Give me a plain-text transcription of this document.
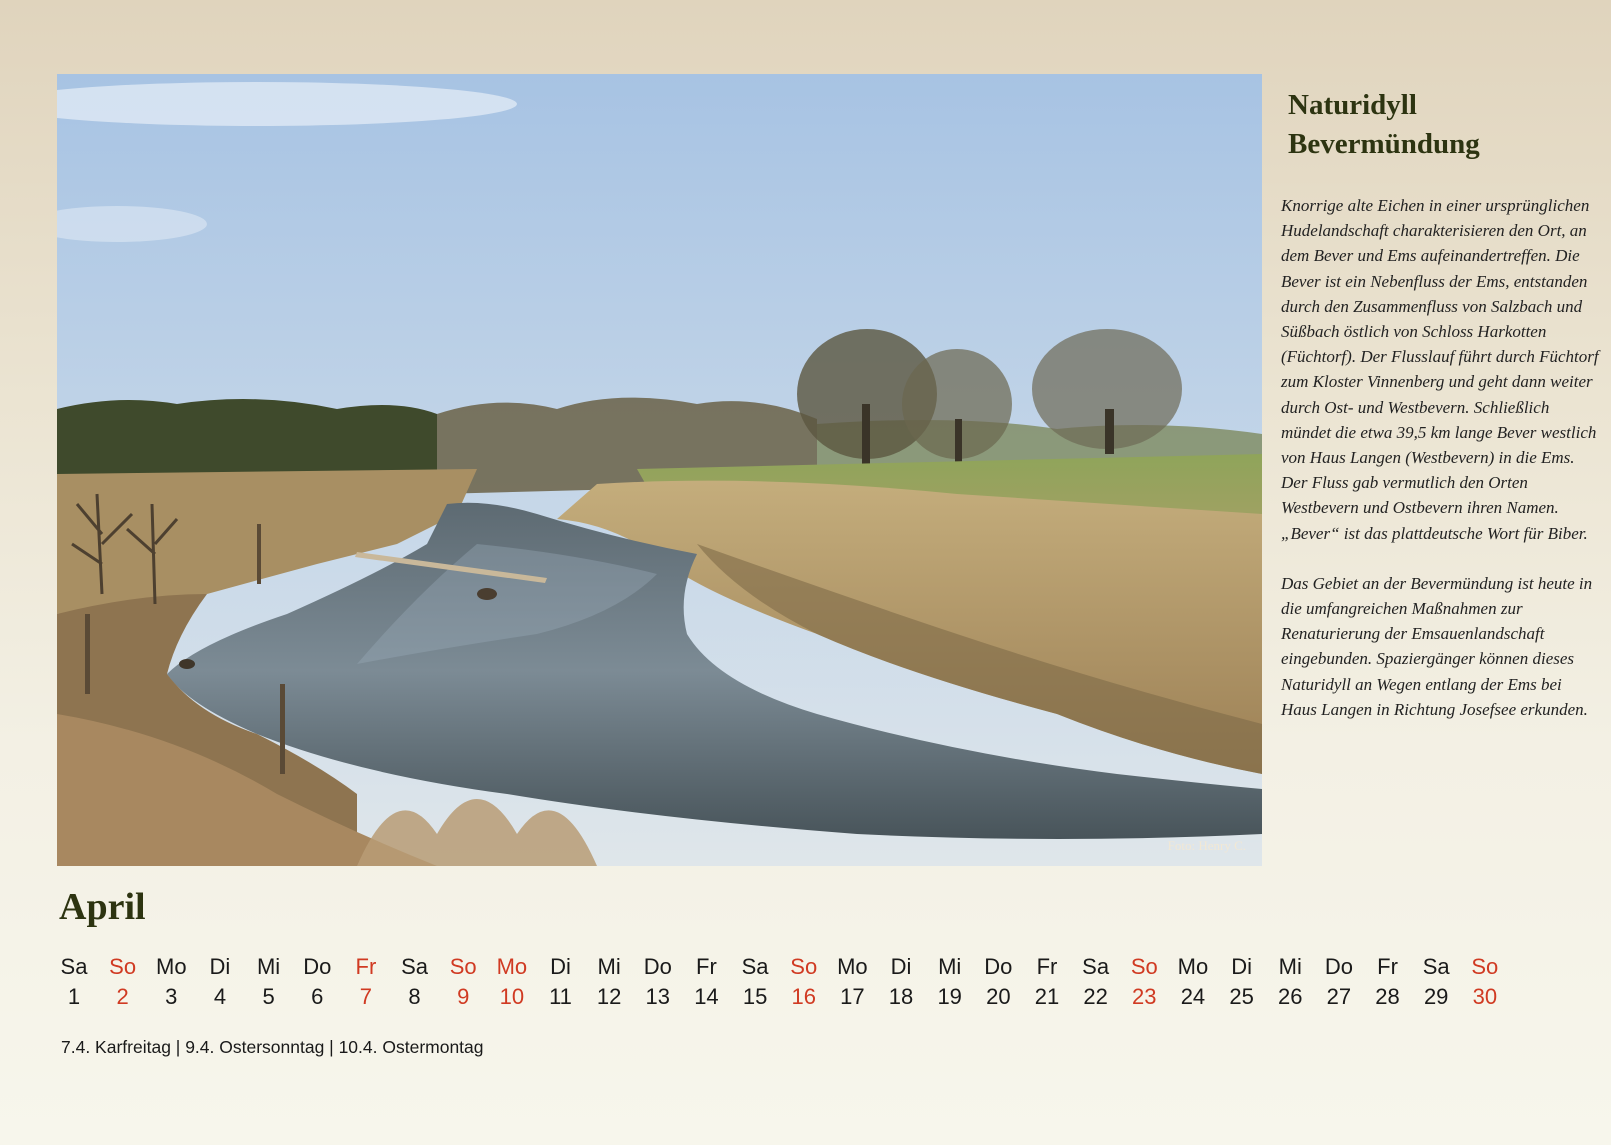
Foto: Henry C.
Naturidyll
Bevermündung

Knorrige alte Eichen in einer ursprünglichen Hudelandschaft charakterisieren den Ort, an dem Bever und Ems aufeinandertreffen. Die Bever ist ein Nebenfluss der Ems, entstanden durch den Zusammenfluss von Salzbach und Süßbach östlich von Schloss Harkotten (Füchtorf). Der Flusslauf führt durch Füchtorf zum Kloster Vinnenberg und geht dann weiter durch Ost- und Westbevern. Schließlich mündet die etwa 39,5 km lange Bever westlich von Haus Langen (Westbevern) in die Ems. Der Fluss gab vermutlich den Orten Westbevern und Ostbevern ihren Namen. „Bever“ ist das plattdeutsche Wort für Biber.

Das Gebiet an der Bevermündung ist heute in die umfangreichen Maßnahmen zur Renaturierung der Emsauenlandschaft eingebunden. Spaziergänger können dieses Naturidyll an Wegen entlang der Ems bei Haus Langen in Richtung Josefsee erkunden.

April
Sa
1
So
2
Mo
3
Di
4
Mi
5
Do
6
Fr
7
Sa
8
So
9
Mo
10
Di
11
Mi
12
Do
13
Fr
14
Sa
15
So
16
Mo
17
Di
18
Mi
19
Do
20
Fr
21
Sa
22
So
23
Mo
24
Di
25
Mi
26
Do
27
Fr
28
Sa
29
So
30
7.4. Karfreitag | 9.4. Ostersonntag | 10.4. Ostermontag
